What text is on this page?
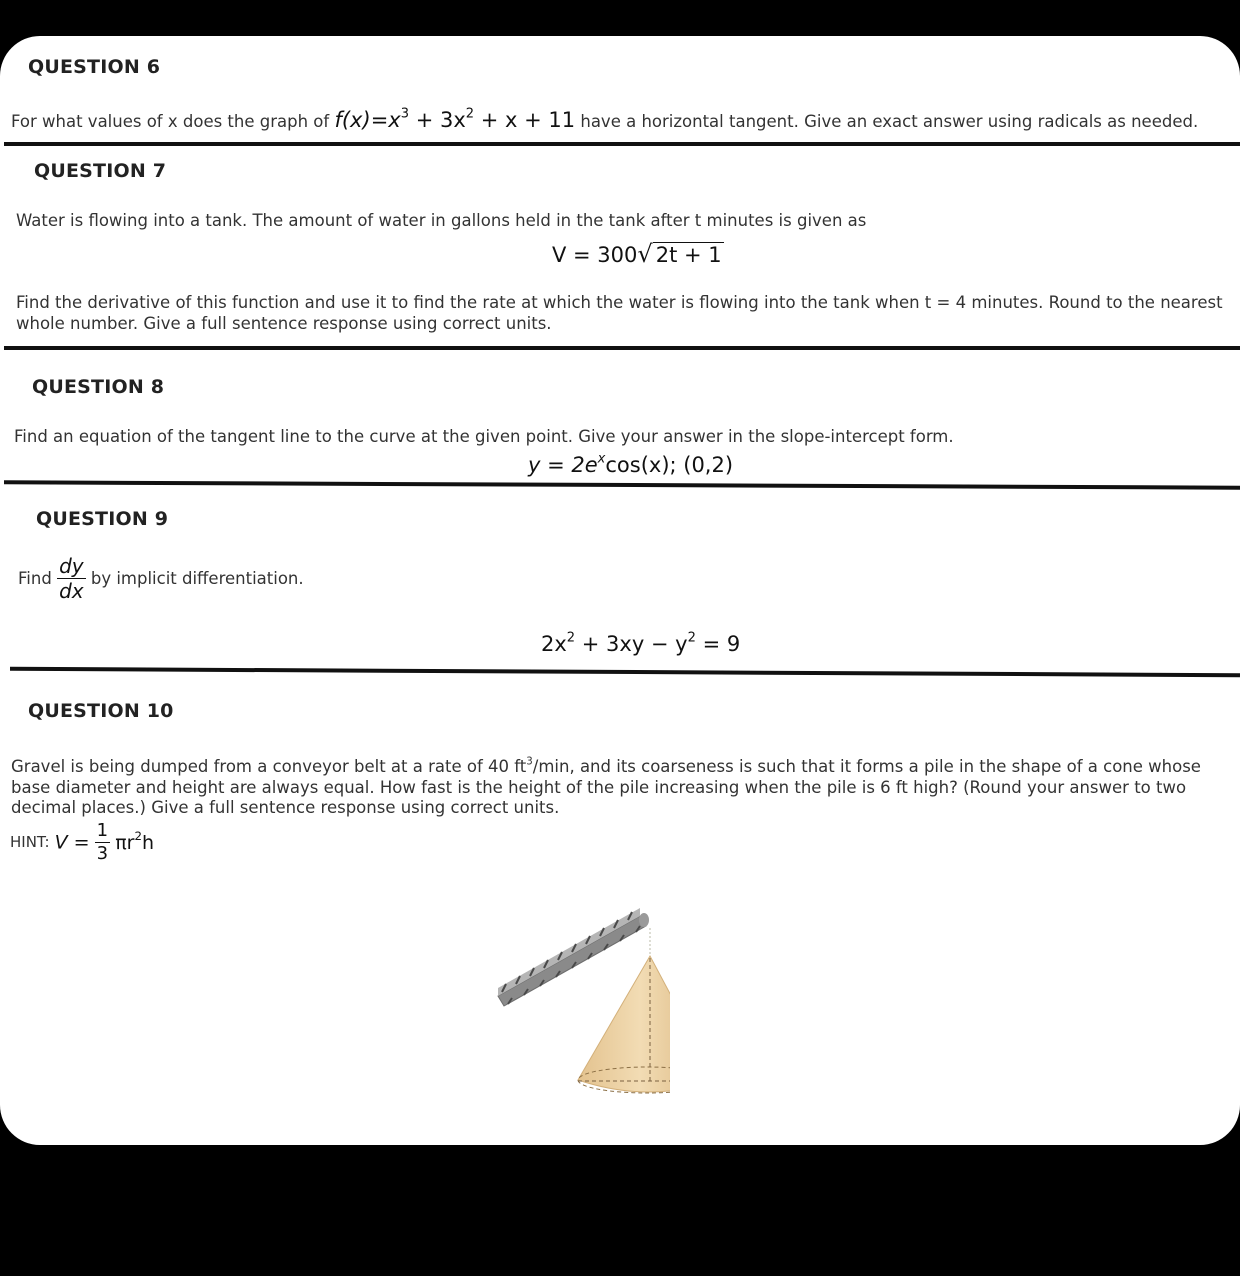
QUESTION 6
For what values of x does the graph of $f(x)=x^3 + 3x^2 + x + 11$ have a horizontal tangent. Give an exact answer using radicals as needed.
QUESTION 7
Water is flowing into a tank. The amount of water in gallons held in the tank after t minutes is given as
V = 300√ 2t + 1
Find the derivative of this function and use it to find the rate at which the water is flowing into the tank when t = 4 minutes. Round to the nearest whole number. Give a full sentence response using correct units.
QUESTION 8
Find an equation of the tangent line to the curve at the given point. Give your answer in the slope-intercept form.
$y = 2e^x\cos(x)$; (0,2)
QUESTION 9
Find $\frac{dy}{dx}$ by implicit differentiation.
$2x^2 + 3xy - y^2 = 9$
QUESTION 10
Gravel is being dumped from a conveyor belt at a rate of 40 $ft^3/\min$, and its coarseness is such that it forms a pile in the shape of a cone whose base diameter and height are always equal. How fast is the height of the pile increasing when the pile is 6 ft high? (Round your answer to two decimal places.) Give a full sentence response using correct units.
HINT: $V = \frac{1}{3} \pi r^2h$
